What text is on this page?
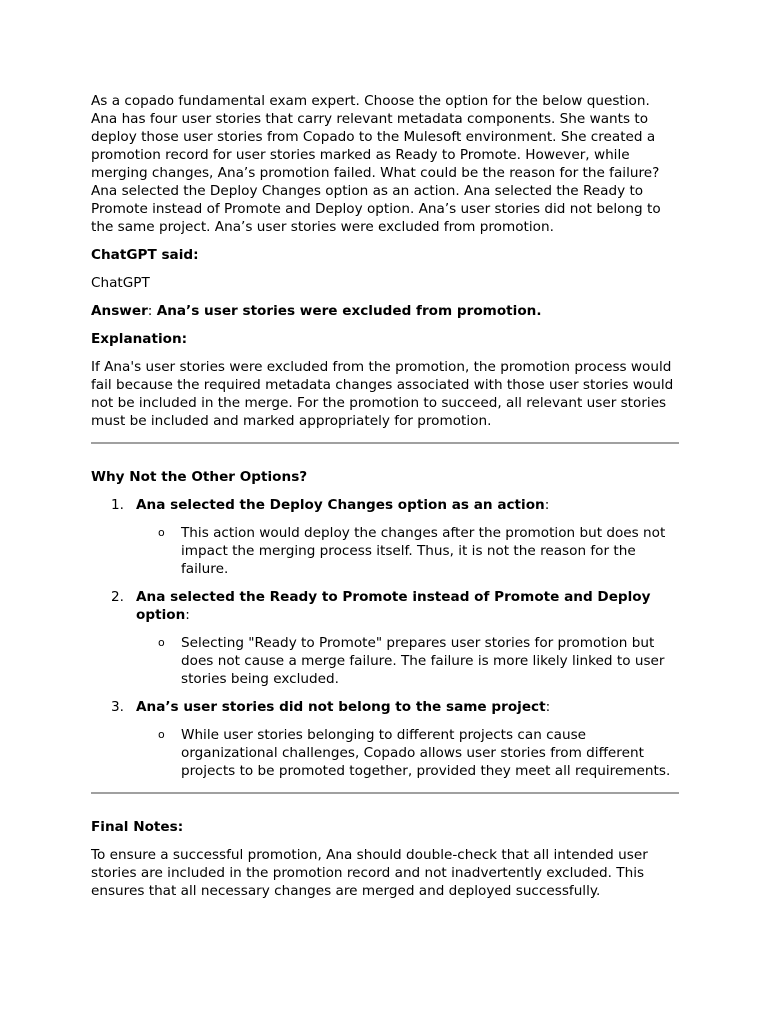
As a copado fundamental exam expert. Choose the option for the below question. Ana has four user stories that carry relevant metadata components. She wants to deploy those user stories from Copado to the Mulesoft environment. She created a promotion record for user stories marked as Ready to Promote. However, while merging changes, Ana’s promotion failed. What could be the reason for the failure? Ana selected the Deploy Changes option as an action. Ana selected the Ready to Promote instead of Promote and Deploy option. Ana’s user stories did not belong to the same project. Ana’s user stories were excluded from promotion.

ChatGPT said:

ChatGPT

Answer: Ana’s user stories were excluded from promotion.

Explanation:

If Ana's user stories were excluded from the promotion, the promotion process would fail because the required metadata changes associated with those user stories would not be included in the merge. For the promotion to succeed, all relevant user stories must be included and marked appropriately for promotion.

Why Not the Other Options?

1. Ana selected the Deploy Changes option as an action:

o This action would deploy the changes after the promotion but does not impact the merging process itself. Thus, it is not the reason for the failure.
2. Ana selected the Ready to Promote instead of Promote and Deploy option:

o Selecting "Ready to Promote" prepares user stories for promotion but does not cause a merge failure. The failure is more likely linked to user stories being excluded.
3. Ana’s user stories did not belong to the same project:

o While user stories belonging to different projects can cause organizational challenges, Copado allows user stories from different projects to be promoted together, provided they meet all requirements.

Final Notes:

To ensure a successful promotion, Ana should double-check that all intended user stories are included in the promotion record and not inadvertently excluded. This ensures that all necessary changes are merged and deployed successfully.
